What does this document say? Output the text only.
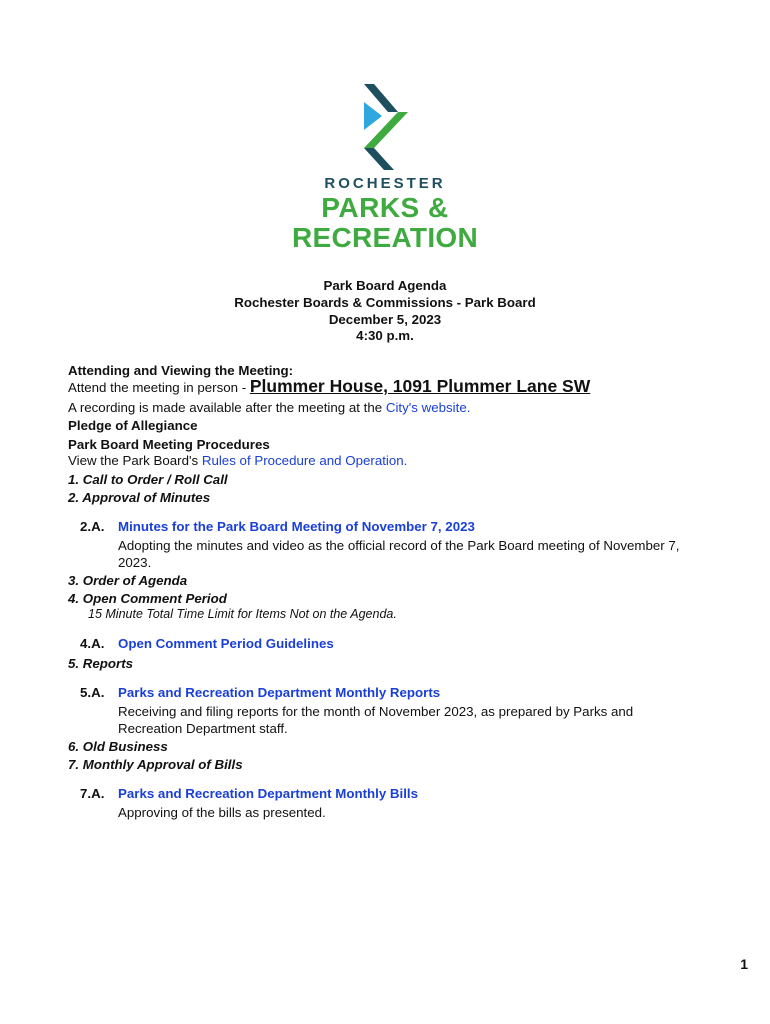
ROCHESTER
PARKS &
RECREATION
Park Board Agenda
Rochester Boards & Commissions - Park Board
December 5, 2023
4:30 p.m.
Attending and Viewing the Meeting:
Attend the meeting in person - Plummer House, 1091 Plummer Lane SW
A recording is made available after the meeting at the City's website.
Pledge of Allegiance
Park Board Meeting Procedures
View the Park Board's Rules of Procedure and Operation.
1. Call to Order / Roll Call
2. Approval of Minutes
2.A. Minutes for the Park Board Meeting of November 7, 2023
Adopting the minutes and video as the official record of the Park Board meeting of November 7, 2023.
3. Order of Agenda
4. Open Comment Period
15 Minute Total Time Limit for Items Not on the Agenda.
4.A. Open Comment Period Guidelines
5. Reports
5.A. Parks and Recreation Department Monthly Reports
Receiving and filing reports for the month of November 2023, as prepared by Parks and Recreation Department staff.
6. Old Business
7. Monthly Approval of Bills
7.A. Parks and Recreation Department Monthly Bills
Approving of the bills as presented.
1
